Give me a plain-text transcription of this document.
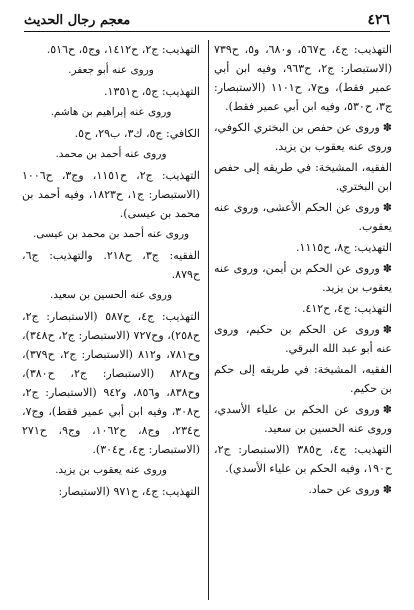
٤٢٦
معجم رجال الحديث
التهذيب: ج٤، ح٥٦٧، و٦٨٠، و٥، ح٧٣٩ (الاستبصار: ج٢، ح٩٦٣، وفيه ابن أبي عمير فقط)، وج٧، ح١١٠١ (الاستبصار: ج٣، ح٥٣٠، وفيه ابن أبي عمير فقط).
✽وروى عن حفص بن البختري الكوفي، وروى عنه يعقوب بن يزيد.
الفقيه، المشيخة: في طريقه إلى حفص ابن البختري.
✽وروى عن الحكم الأعشى، وروى عنه يعقوب.
التهذيب: ج٨، ح١١١٥.
✽وروى عن الحكم بن أيمن، وروى عنه يعقوب بن يزيد.
التهذيب: ج٤، ح٤١٢.
✽وروى عن الحكم بن حكيم، وروى عنه أبو عبد الله البرقي.
الفقيه، المشيخة: في طريقه إلى حكم بن حكيم.
✽وروى عن الحكم بن علياء الأسدي، وروى عنه الحسين بن سعيد.
التهذيب: ج٤، ح٣٨٥ (الاستبصار: ج٢، ح١٩٠، وفيه الحكم بن علياء الأسدي).
✽وروى عن حماد.
التهذيب: ج٢، ح١٤١٢، وج٥، ح٥١٦.
وروى عنه أبو جعفر.
التهذيب: ج٥، ح١٣٥١.
وروى عنه إبراهيم بن هاشم.
الكافي: ج٥، ك٣، ب٢٩، ح٥.
وروى عنه أحمد بن محمد.
التهذيب: ج٢، ح١١٥١، وج٣، ح١٠٠٦ (الاستبصار: ج١، ح١٨٢٣، وفيه أحمد بن محمد بن عيسى).
وروى عنه أحمد بن محمد بن عيسى.
الفقيه: ج٣، ح٢١٨. والتهذيب: ج٦، ح٨٧٩.
وروى عنه الحسين بن سعيد.
التهذيب: ج٤، ح٥٨٧ (الاستبصار: ج٢، ح٢٥٨)، وح٧٢٧ (الاستبصار: ج٢، ح٣٤٨)، وح٧٨١، و٨١٢ (الاستبصار: ج٢، ح٣٧٩)، وح٨٢٨ (الاستبصار: ج٢، ح٣٨٠)، وح٨٣٨، و٨٥٦، و٩٤٢ (الاستبصار: ج٢، ح٣٠٨، وفيه ابن أبي عمير فقط)، وج٧، ح٢٣٤، وج٨، ح١٠٦٢، وج٩، ح٢٧١ (الاستبصار: ج٤، ح٣٠٤).
وروى عنه يعقوب بن يزيد.
التهذيب: ج٤، ح٩٧١ (الاستبصار:
